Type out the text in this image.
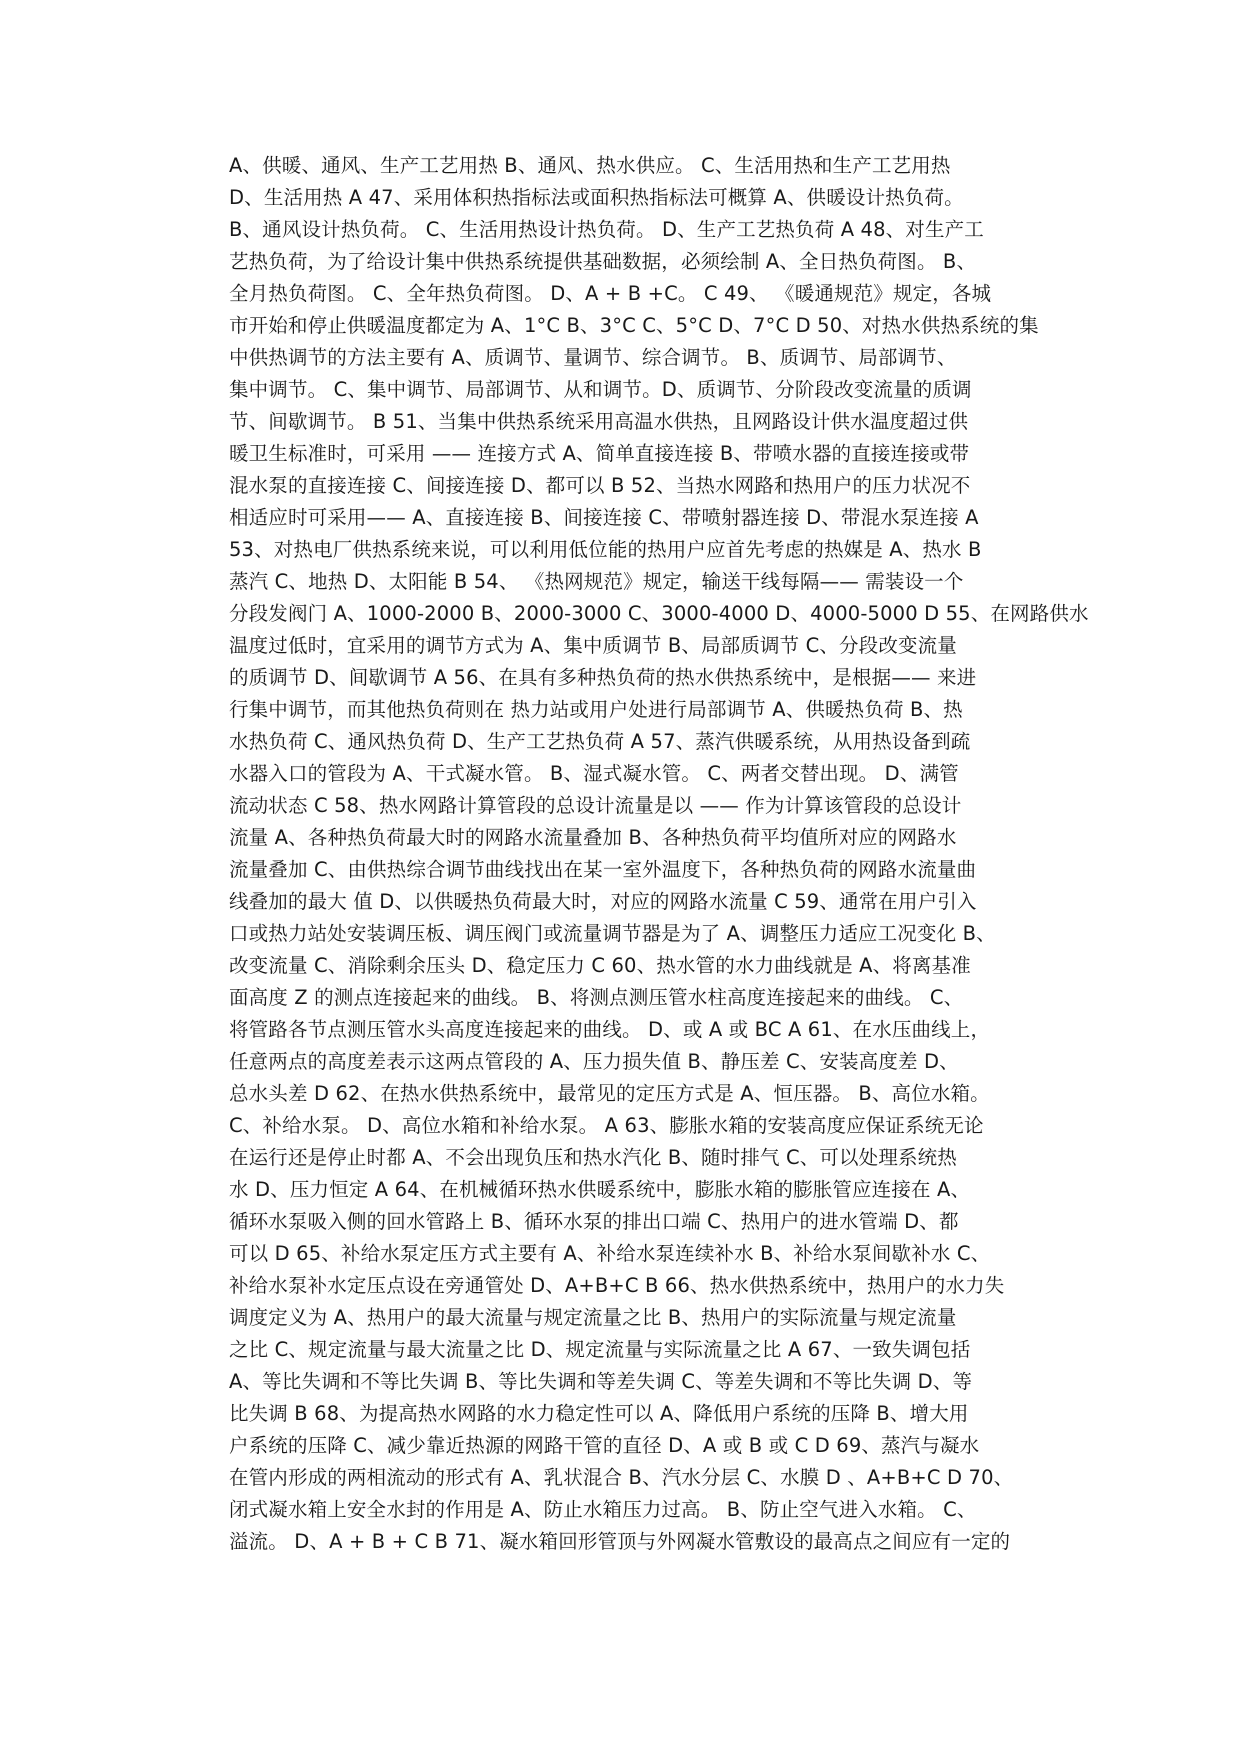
A、供暖、通风、生产工艺用热 B、通风、热水供应。 C、生活用热和生产工艺用热
D、生活用热 A 47、采用体积热指标法或面积热指标法可概算 A、供暖设计热负荷。
B、通风设计热负荷。 C、生活用热设计热负荷。 D、生产工艺热负荷 A 48、对生产工
艺热负荷，为了给设计集中供热系统提供基础数据，必须绘制 A、全日热负荷图。 B、
全月热负荷图。 C、全年热负荷图。 D、A + B +C。 C 49、 《暖通规范》规定，各城
市开始和停止供暖温度都定为 A、1°C B、3°C C、5°C D、7°C D 50、对热水供热系统的集
中供热调节的方法主要有 A、质调节、量调节、综合调节。 B、质调节、局部调节、
集中调节。 C、集中调节、局部调节、从和调节。D、质调节、分阶段改变流量的质调
节、间歇调节。 B 51、当集中供热系统采用高温水供热，且网路设计供水温度超过供
暖卫生标准时，可采用 —— 连接方式 A、简单直接连接 B、带喷水器的直接连接或带
混水泵的直接连接 C、间接连接 D、都可以 B 52、当热水网路和热用户的压力状况不
相适应时可采用—— A、直接连接 B、间接连接 C、带喷射器连接 D、带混水泵连接 A
53、对热电厂供热系统来说，可以利用低位能的热用户应首先考虑的热媒是 A、热水 B
蒸汽 C、地热 D、太阳能 B 54、 《热网规范》规定，输送干线每隔—— 需装设一个
分段发阀门 A、1000-2000 B、2000-3000 C、3000-4000 D、4000-5000 D 55、在网路供水
温度过低时，宜采用的调节方式为 A、集中质调节 B、局部质调节 C、分段改变流量
的质调节 D、间歇调节 A 56、在具有多种热负荷的热水供热系统中，是根据—— 来进
行集中调节，而其他热负荷则在 热力站或用户处进行局部调节 A、供暖热负荷 B、热
水热负荷 C、通风热负荷 D、生产工艺热负荷 A 57、蒸汽供暖系统，从用热设备到疏
水器入口的管段为 A、干式凝水管。 B、湿式凝水管。 C、两者交替出现。 D、满管
流动状态 C 58、热水网路计算管段的总设计流量是以 —— 作为计算该管段的总设计
流量 A、各种热负荷最大时的网路水流量叠加 B、各种热负荷平均值所对应的网路水
流量叠加 C、由供热综合调节曲线找出在某一室外温度下，各种热负荷的网路水流量曲
线叠加的最大 值 D、以供暖热负荷最大时，对应的网路水流量 C 59、通常在用户引入
口或热力站处安装调压板、调压阀门或流量调节器是为了 A、调整压力适应工况变化 B、
改变流量 C、消除剩余压头 D、稳定压力 C 60、热水管的水力曲线就是 A、将离基准
面高度 Z 的测点连接起来的曲线。 B、将测点测压管水柱高度连接起来的曲线。 C、
将管路各节点测压管水头高度连接起来的曲线。 D、或 A 或 BC A 61、在水压曲线上，
任意两点的高度差表示这两点管段的 A、压力损失值 B、静压差 C、安装高度差 D、
总水头差 D 62、在热水供热系统中，最常见的定压方式是 A、恒压器。 B、高位水箱。
C、补给水泵。 D、高位水箱和补给水泵。 A 63、膨胀水箱的安装高度应保证系统无论
在运行还是停止时都 A、不会出现负压和热水汽化 B、随时排气 C、可以处理系统热
水 D、压力恒定 A 64、在机械循环热水供暖系统中，膨胀水箱的膨胀管应连接在 A、
循环水泵吸入侧的回水管路上 B、循环水泵的排出口端 C、热用户的进水管端 D、都
可以 D 65、补给水泵定压方式主要有 A、补给水泵连续补水 B、补给水泵间歇补水 C、
补给水泵补水定压点设在旁通管处 D、A+B+C B 66、热水供热系统中，热用户的水力失
调度定义为 A、热用户的最大流量与规定流量之比 B、热用户的实际流量与规定流量
之比 C、规定流量与最大流量之比 D、规定流量与实际流量之比 A 67、一致失调包括
A、等比失调和不等比失调 B、等比失调和等差失调 C、等差失调和不等比失调 D、等
比失调 B 68、为提高热水网路的水力稳定性可以 A、降低用户系统的压降 B、增大用
户系统的压降 C、减少靠近热源的网路干管的直径 D、A 或 B 或 C D 69、蒸汽与凝水
在管内形成的两相流动的形式有 A、乳状混合 B、汽水分层 C、水膜 D 、A+B+C D 70、
闭式凝水箱上安全水封的作用是 A、防止水箱压力过高。 B、防止空气进入水箱。 C、
溢流。 D、A + B + C B 71、凝水箱回形管顶与外网凝水管敷设的最高点之间应有一定的
